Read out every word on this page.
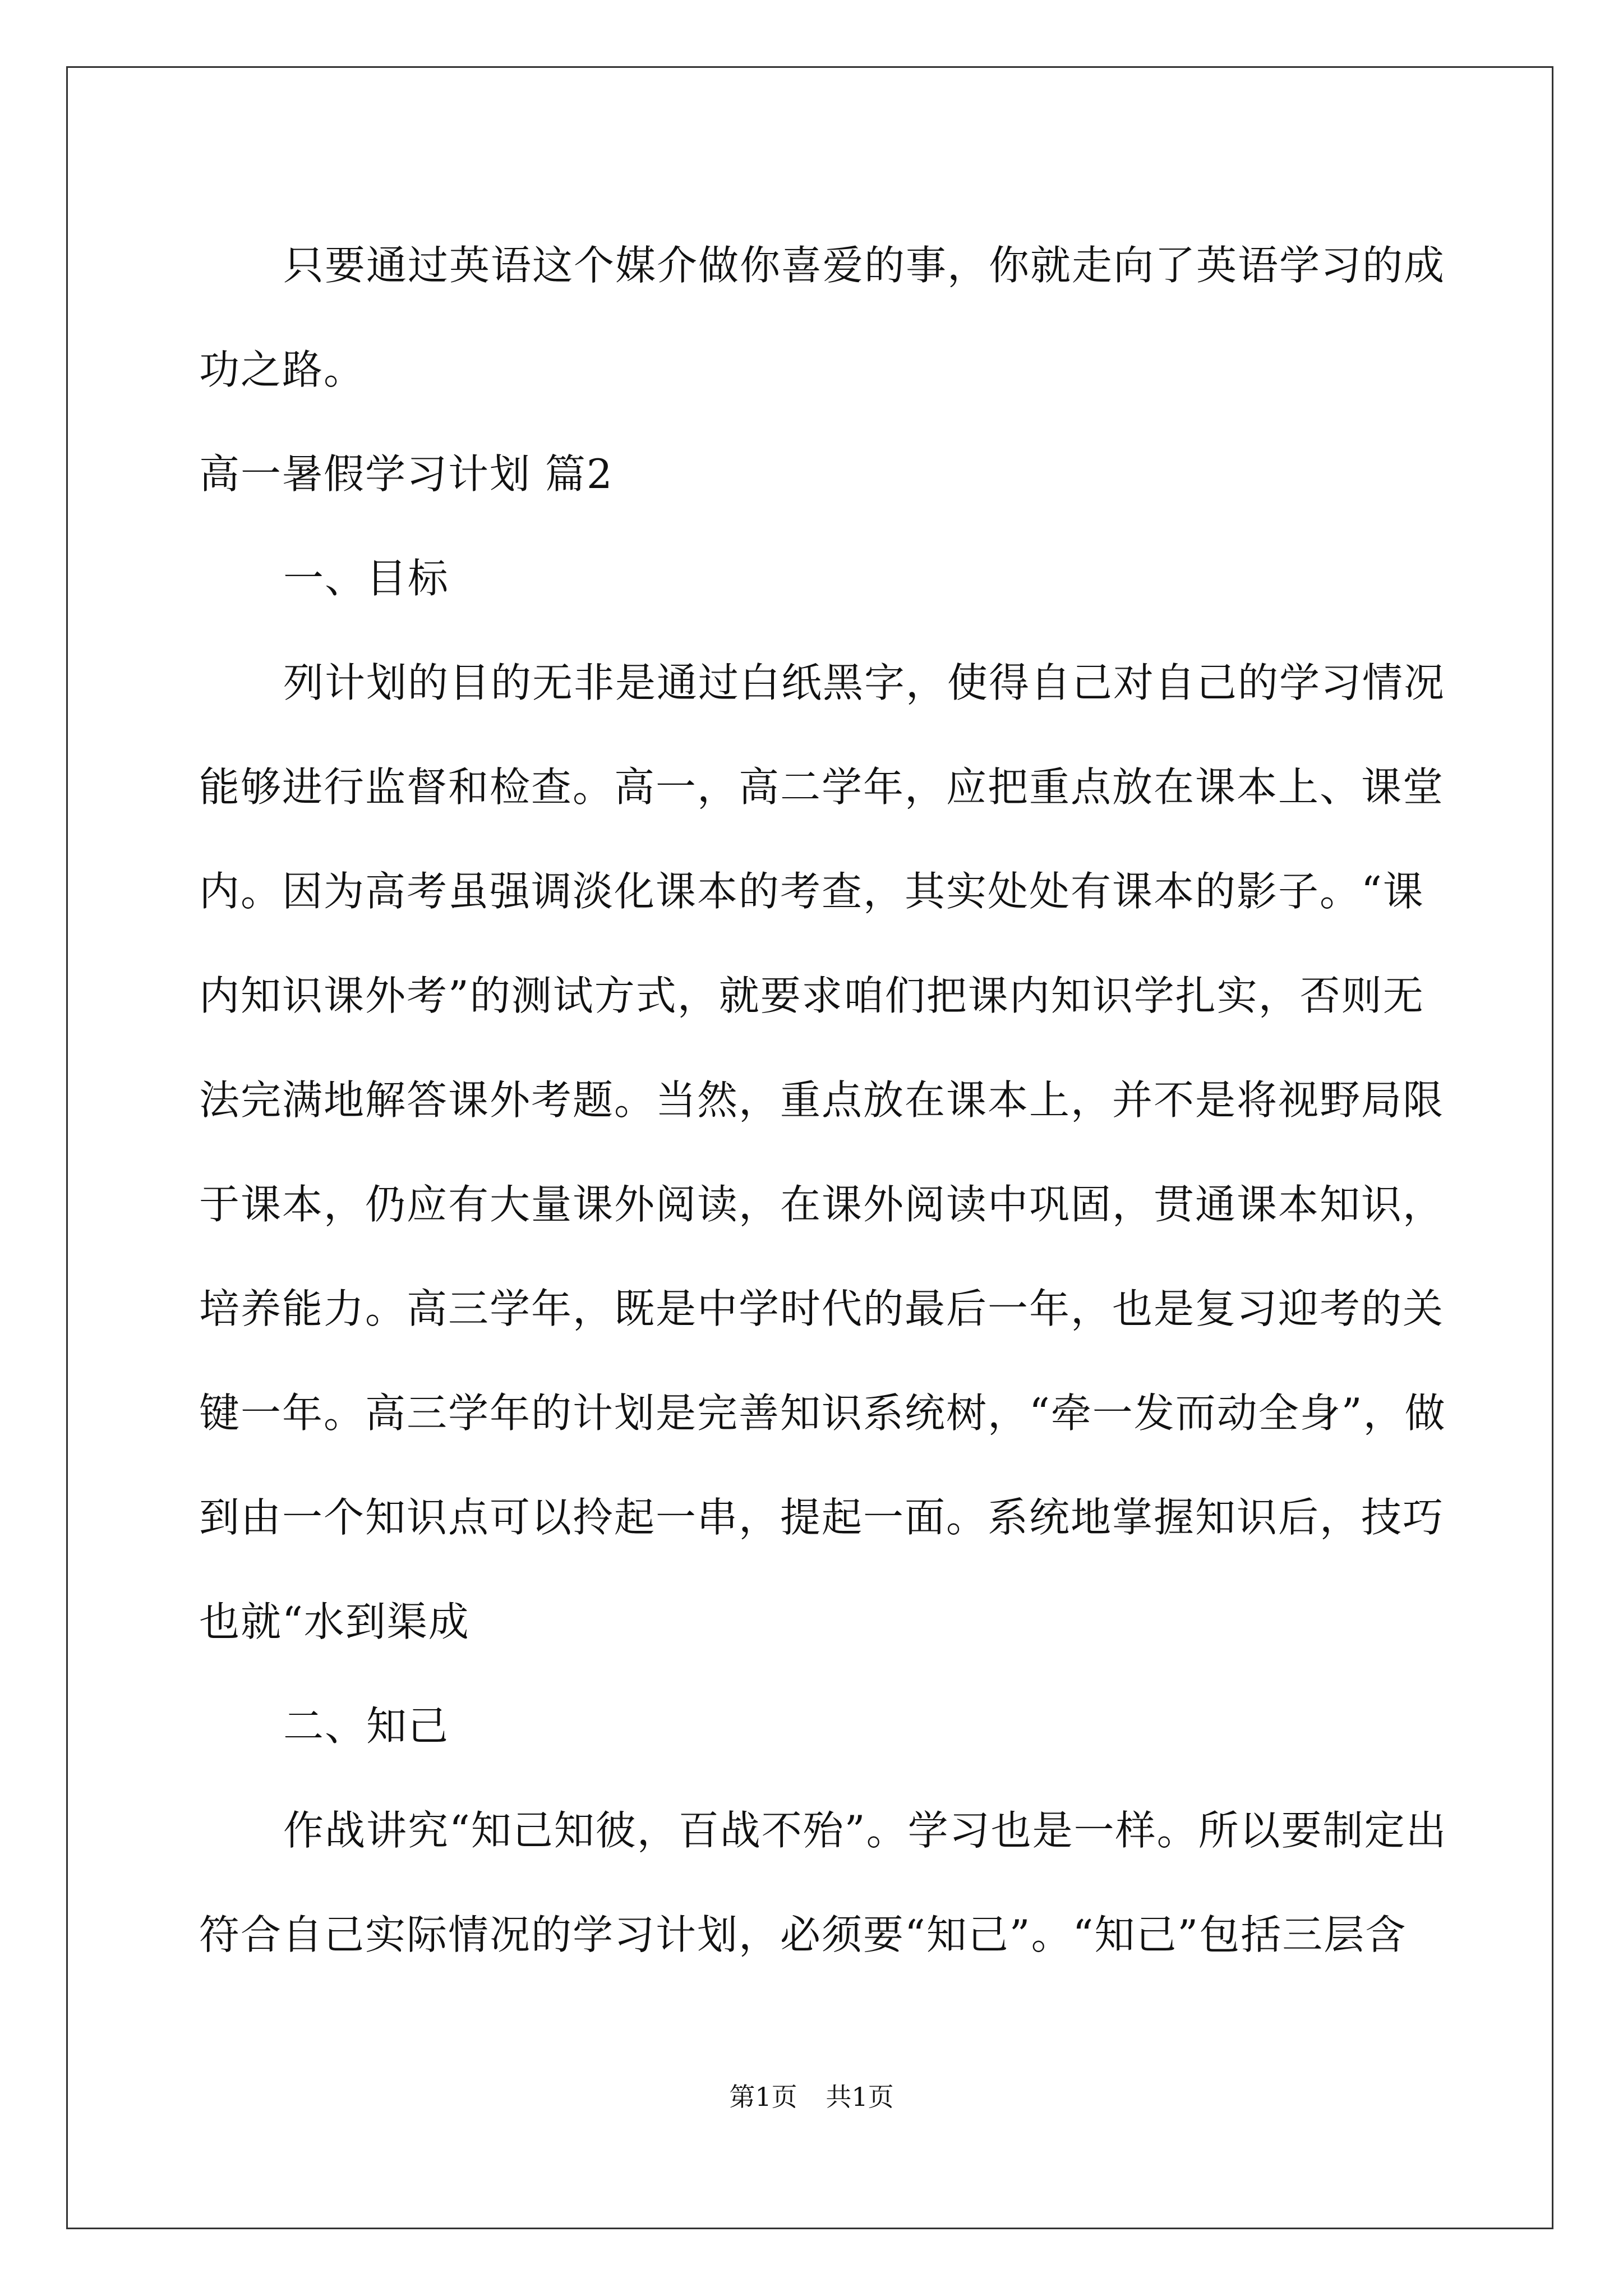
只要通过英语这个媒介做你喜爱的事，你就走向了英语学习的成
功之路。
高一暑假学习计划 篇2
一、目标
列计划的目的无非是通过白纸黑字，使得自己对自己的学习情况
能够进行监督和检查。高一，高二学年，应把重点放在课本上、课堂
内。因为高考虽强调淡化课本的考查，其实处处有课本的影子。“课
内知识课外考”的测试方式，就要求咱们把课内知识学扎实，否则无
法完满地解答课外考题。当然，重点放在课本上，并不是将视野局限
于课本，仍应有大量课外阅读，在课外阅读中巩固，贯通课本知识，
培养能力。高三学年，既是中学时代的最后一年，也是复习迎考的关
键一年。高三学年的计划是完善知识系统树，“牵一发而动全身”，做
到由一个知识点可以拎起一串，提起一面。系统地掌握知识后，技巧
也就“水到渠成
二、知己
作战讲究“知己知彼，百战不殆”。学习也是一样。所以要制定出
符合自己实际情况的学习计划，必须要“知己”。“知己”包括三层含
第1页 共1页
